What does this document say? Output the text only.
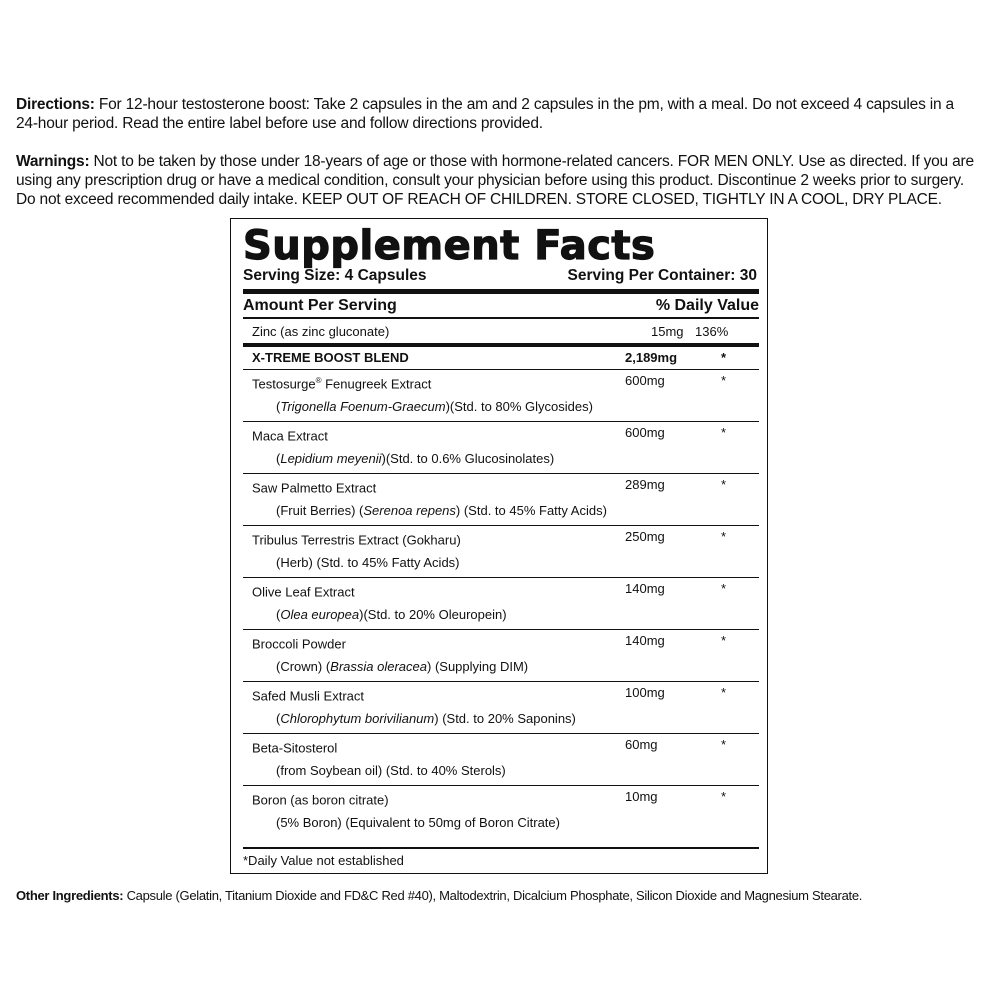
Directions: For 12-hour testosterone boost: Take 2 capsules in the am and 2 capsules in the pm, with a meal. Do not exceed 4 capsules in a 24-hour period. Read the entire label before use and follow directions provided.
Warnings: Not to be taken by those under 18-years of age or those with hormone-related cancers. FOR MEN ONLY. Use as directed. If you are using any prescription drug or have a medical condition, consult your physician before using this product. Discontinue 2 weeks prior to surgery. Do not exceed recommended daily intake. KEEP OUT OF REACH OF CHILDREN. STORE CLOSED, TIGHTLY IN A COOL, DRY PLACE.
Supplement Facts
Serving Size: 4 Capsules	Serving Per Container: 30
Amount Per Serving	% Daily Value
Zinc (as zinc gluconate)	15mg 136%
X-TREME BOOST BLEND	2,189mg	*
Testosurge® Fenugreek Extract	600mg	*
(Trigonella Foenum-Graecum)(Std. to 80% Glycosides)
Maca Extract	600mg	*
(Lepidium meyenii)(Std. to 0.6% Glucosinolates)
Saw Palmetto Extract	289mg	*
(Fruit Berries) (Serenoa repens) (Std. to 45% Fatty Acids)
Tribulus Terrestris Extract (Gokharu)	250mg	*
(Herb) (Std. to 45% Fatty Acids)
Olive Leaf Extract	140mg	*
(Olea europea)(Std. to 20% Oleuropein)
Broccoli Powder	140mg	*
(Crown) (Brassia oleracea) (Supplying DIM)
Safed Musli Extract	100mg	*
(Chlorophytum borivilianum) (Std. to 20% Saponins)
Beta-Sitosterol	60mg	*
(from Soybean oil) (Std. to 40% Sterols)
Boron (as boron citrate)	10mg	*
(5% Boron) (Equivalent to 50mg of Boron Citrate)
*Daily Value not established
Other Ingredients: Capsule (Gelatin, Titanium Dioxide and FD&C Red #40), Maltodextrin, Dicalcium Phosphate, Silicon Dioxide and Magnesium Stearate.
